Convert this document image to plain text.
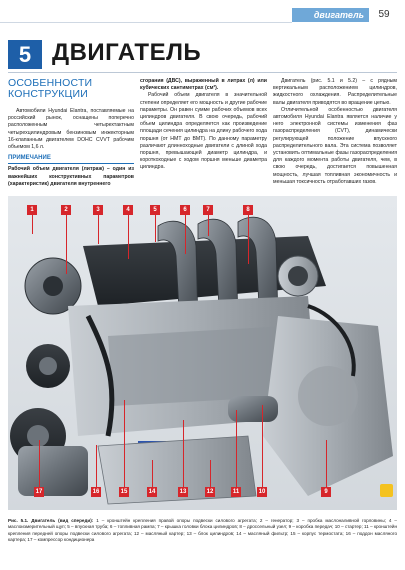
двигатель	59
5 ДВИГАТЕЛЬ
ОСОБЕННОСТИ КОНСТРУКЦИИ

Автомобили Hyundai Elantra, поставляемые на российский рынок, оснащены поперечно расположенным четырехтактным четырехцилиндровым бензиновым инжекторным 16-клапанным двигателем DOHC CVVT рабочим объемом 1,6 л.

ПРИМЕЧАНИЕ

Рабочий объем двигателя (литраж) – один из важнейших конструктивных параметров (характеристик) двигателя внутреннего

сгорания (ДВС), выраженный в литрах (л) или кубических сантиметрах (см³).

Рабочий объем двигателя в значительной степени определяет его мощность и другие рабочие параметры. Он равен сумме рабочих объемов всех цилиндров двигателя. В свою очередь, рабочий объем цилиндра определяется как произведение площади сечения цилиндра на длину рабочего хода поршня (от НМТ до ВМТ). По данному параметру различают длинноходные двигатели с длиной хода поршня, превышающей диаметр цилиндра, и короткоходные с ходом поршня меньше диаметра цилиндра.

Двигатель (рис. 5.1 и 5.2) – с рядным вертикальным расположением цилиндров, жидкостного охлаждения. Распределительные валы двигателя приводятся во вращение цепью.

Отличительной особенностью двигателя автомобиля Hyundai Elantra является наличие у него электронной системы изменения фаз газораспределения (CVT), динамически регулирующей положение впускного распределительного вала. Эта система позволяет установить оптимальные фазы газораспределения для каждого момента работы двигателя, чем, в свою очередь, достигается повышенная мощность, лучшая топливная экономичность и меньшая токсичность отработавших газов.

1	2	3	4	5	6	7	8
17	16	15	14	13	12	11	10	9
Рис. 5.1. Двигатель (вид спереди): 1 – кронштейн крепления правой опоры подвески силового агрегата; 2 – генератор; 3 – пробка маслоналивной горловины; 4 – маслоизмерительный щуп; 5 – впускная труба; 6 – топливная рампа; 7 – крышка головки блока цилиндров; 8 – дроссельный узел; 9 – коробка передач; 10 – стартер; 11 – кронштейн крепления передней опоры подвески силового агрегата; 12 – масляный картер; 13 – блок цилиндров; 14 – масляный фильтр; 15 – корпус термостата; 16 – поддон масляного картера; 17 – компрессор кондиционера
